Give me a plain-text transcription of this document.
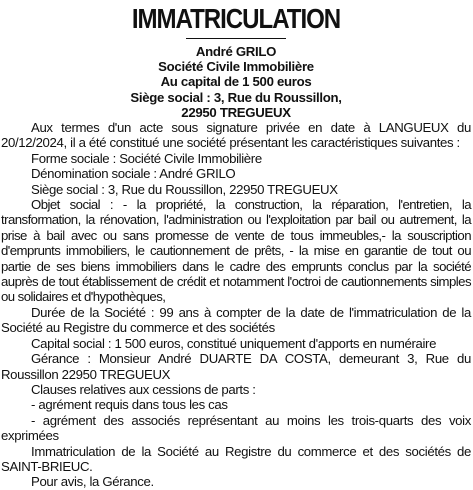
IMMATRICULATION
André GRILO
Société Civile Immobilière
Au capital de 1 500 euros
Siège social : 3, Rue du Roussillon,
22950 TREGUEUX

Aux termes d'un acte sous signature privée en date à LANGUEUX du 20/12/2024, il a été constitué une société présentant les caractéristiques suivantes :

Forme sociale : Société Civile Immobilière

Dénomination sociale : André GRILO

Siège social : 3, Rue du Roussillon, 22950 TREGUEUX

Objet social : - la propriété, la construction, la réparation, l'entretien, la transformation, la rénovation, l'administration ou l'exploitation par bail ou autrement, la prise à bail avec ou sans promesse de vente de tous immeubles,- la souscription d'emprunts immobiliers, le cautionnement de prêts, - la mise en garantie de tout ou partie de ses biens immobiliers dans le cadre des emprunts conclus par la société auprès de tout établissement de crédit et notamment l'octroi de cautionnements simples ou solidaires et d'hypothèques,

Durée de la Société : 99 ans à compter de la date de l'immatriculation de la Société au Registre du commerce et des sociétés

Capital social : 1 500 euros, constitué uniquement d'apports en numéraire

Gérance : Monsieur André DUARTE DA COSTA, demeurant 3, Rue du Roussillon 22950 TREGUEUX

Clauses relatives aux cessions de parts :

- agrément requis dans tous les cas

- agrément des associés représentant au moins les trois-quarts des voix exprimées

Immatriculation de la Société au Registre du commerce et des sociétés de SAINT-BRIEUC.

Pour avis, la Gérance.
